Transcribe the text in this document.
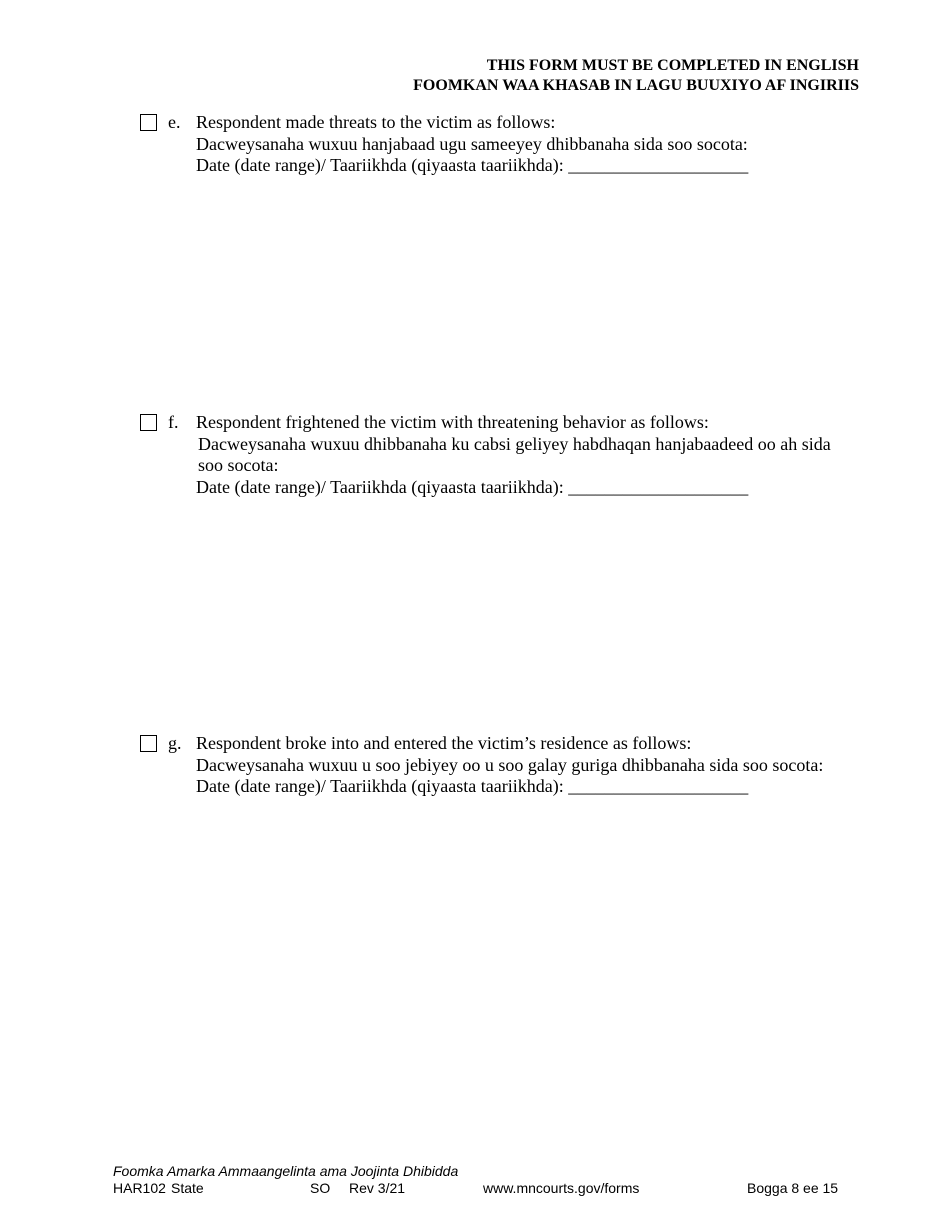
THIS FORM MUST BE COMPLETED IN ENGLISH
FOOMKAN WAA KHASAB IN LAGU BUUXIYO AF INGIRIIS
e. Respondent made threats to the victim as follows:
Dacweysanaha wuxuu hanjabaad ugu sameeyey dhibbanaha sida soo socota:
Date (date range)/ Taariikhda (qiyaasta taariikhda): ____________________
f. Respondent frightened the victim with threatening behavior as follows:
Dacweysanaha wuxuu dhibbanaha ku cabsi geliyey habdhaqan hanjabaadeed oo ah sida soo socota:
Date (date range)/ Taariikhda (qiyaasta taariikhda): ____________________
g. Respondent broke into and entered the victim’s residence as follows:
Dacweysanaha wuxuu u soo jebiyey oo u soo galay guriga dhibbanaha sida soo socota:
Date (date range)/ Taariikhda (qiyaasta taariikhda): ____________________
Foomka Amarka Ammaangelinta ama Joojinta Dhibidda
HAR102 State	SO Rev 3/21	www.mncourts.gov/forms	Bogga 8 ee 15
